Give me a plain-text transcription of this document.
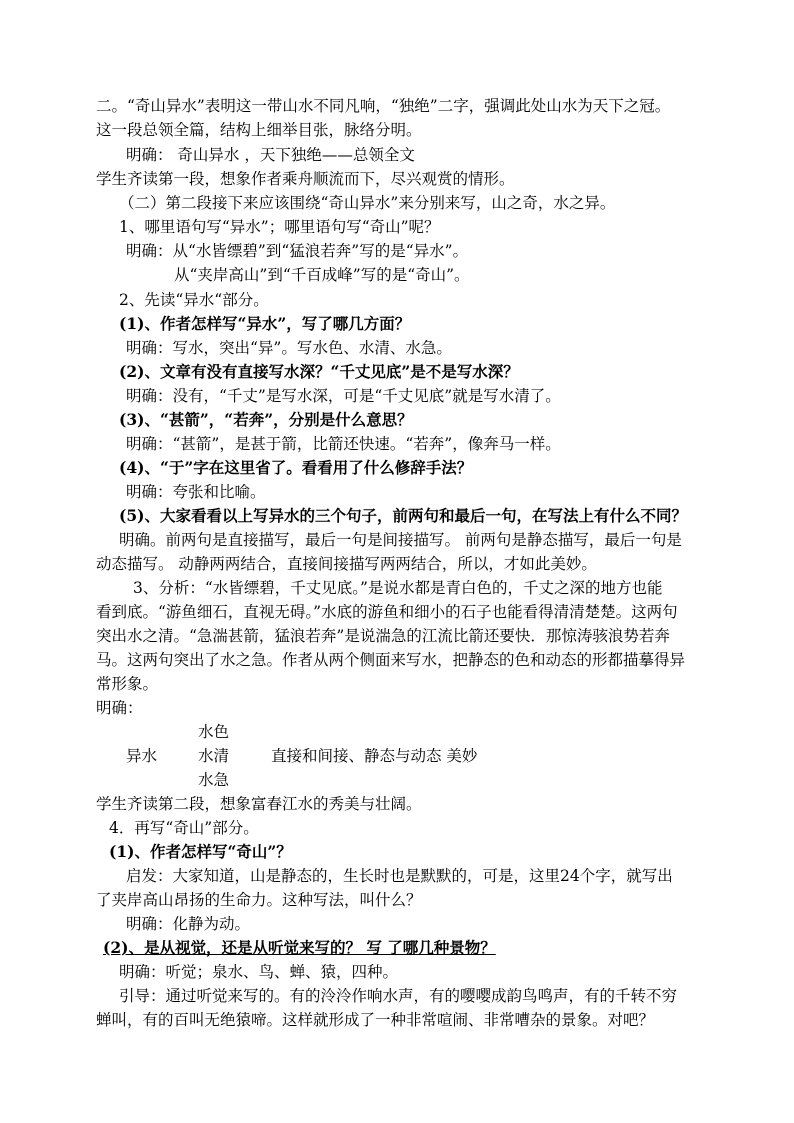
二。“奇山异水”表明这一带山水不同凡响，“独绝”二字，强调此处山水为天下之冠。
这一段总领全篇，结构上细举目张，脉络分明。
明确： 奇山异水 ，天下独绝——总领全文
学生齐读第一段，想象作者乘舟顺流而下，尽兴观赏的情形。
（二）第二段接下来应该围绕“奇山异水”来分别来写，山之奇，水之异。
1、哪里语句写“异水”；哪里语句写“奇山”呢？
明确：从“水皆缥碧”到“猛浪若奔”写的是“异水”。
从“夹岸高山”到“千百成峰”写的是“奇山”。
2、先读“异水“部分。
(1)、作者怎样写“异水”，写了哪几方面？
明确：写水，突出“异”。写水色、水清、水急。
(2)、文章有没有直接写水深？“千丈见底”是不是写水深？
明确：没有，“千丈”是写水深，可是“千丈见底”就是写水清了。
(3)、“甚箭”，“若奔”，分别是什么意思？
明确：“甚箭”，是甚于箭，比箭还快速。“若奔”，像奔马一样。
(4)、“于”字在这里省了。看看用了什么修辞手法？
明确：夸张和比喻。
(5)、大家看看以上写异水的三个句子，前两句和最后一句，在写法上有什么不同？
明确。前两句是直接描写，最后一句是间接描写。 前两句是静态描写，最后一句是
动态描写。 动静两两结合，直接间接描写两两结合，所以，才如此美妙。
3、分析：“水皆缥碧，千丈见底。”是说水都是青白色的，千丈之深的地方也能
看到底。“游鱼细石，直视无碍。”水底的游鱼和细小的石子也能看得清清楚楚。这两句
突出水之清。“急湍甚箭，猛浪若奔”是说湍急的江流比箭还要快．那惊涛骇浪势若奔
马。这两句突出了水之急。作者从两个侧面来写水，把静态的色和动态的形都描摹得异
常形象。
明确：
水色
异水	水清	直接和间接、静态与动态 美妙
水急
学生齐读第二段，想象富春江水的秀美与壮阔。
4．再写“奇山”部分。
(1)、作者怎样写“奇山”？
启发：大家知道，山是静态的，生长时也是默默的，可是，这里24个字，就写出
了夹岸高山昂扬的生命力。这种写法，叫什么？
明确：化静为动。
(2)、是从视觉，还是从听觉来写的？ 写 了哪几种景物？
明确：听觉；泉水、鸟、蝉、猿，四种。
引导：通过听觉来写的。有的泠泠作响水声，有的嘤嘤成韵鸟鸣声，有的千转不穷
蝉叫，有的百叫无绝猿啼。这样就形成了一种非常喧闹、非常嘈杂的景象。对吧？
